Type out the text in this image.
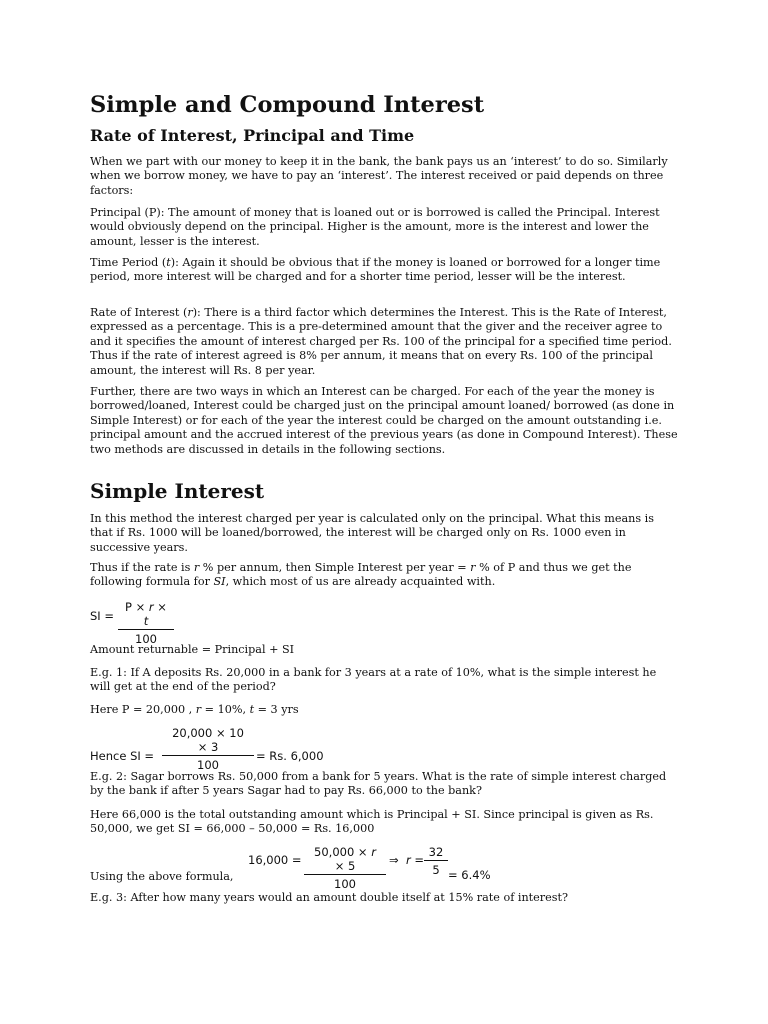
Simple and Compound Interest
Rate of Interest, Principal and Time

When we part with our money to keep it in the bank, the bank pays us an ‘interest’ to do so. Similarly when we borrow money, we have to pay an ‘interest’. The interest received or paid depends on three factors:

Principal (P): The amount of money that is loaned out or is borrowed is called the Principal. Interest would obviously depend on the principal. Higher is the amount, more is the interest and lower the amount, lesser is the interest.

Time Period (t): Again it should be obvious that if the money is loaned or borrowed for a longer time period, more interest will be charged and for a shorter time period, lesser will be the interest.

Rate of Interest (r): There is a third factor which determines the Interest. This is the Rate of Interest, expressed as a percentage. This is a pre-determined amount that the giver and the receiver agree to and it specifies the amount of interest charged per Rs. 100 of the principal for a specified time period. Thus if the rate of interest agreed is 8% per annum, it means that on every Rs. 100 of the principal amount, the interest will Rs. 8 per year.

Further, there are two ways in which an Interest can be charged. For each of the year the money is borrowed/loaned, Interest could be charged just on the principal amount loaned/ borrowed (as done in Simple Interest) or for each of the year the interest could be charged on the amount outstanding i.e. principal amount and the accrued interest of the previous years (as done in Compound Interest). These two methods are discussed in details in the following sections.

Simple Interest

In this method the interest charged per year is calculated only on the principal. What this means is that if Rs. 1000 will be loaned/borrowed, the interest will be charged only on Rs. 1000 even in successive years.

Thus if the rate is r % per annum, then Simple Interest per year = r % of P and thus we get the following formula for SI, which most of us are already acquainted with.

SI = $\frac{P \times r \times t}{100}$

Amount returnable = Principal + SI

E.g. 1: If A deposits Rs. 20,000 in a bank for 3 years at a rate of 10%, what is the simple interest he will get at the end of the period?

Here P = 20,000 , r = 10%, t = 3 yrs

Hence SI = $\frac{20,000 \times 10 \times 3}{100} = Rs$. 6,000

E.g. 2: Sagar borrows Rs. 50,000 from a bank for 5 years. What is the rate of simple interest charged by the bank if after 5 years Sagar had to pay Rs. 66,000 to the bank?

Here 66,000 is the total outstanding amount which is Principal + SI. Since principal is given as Rs. 50,000, we get SI = 66,000 – 50,000 = Rs. 16,000

Using the above formula,
$16,000 = \frac{50,000 \times r \times 5}{100}$ ⇒ $r = \frac{32}{5} = 6.4\%$

E.g. 3: After how many years would an amount double itself at 15% rate of interest?
